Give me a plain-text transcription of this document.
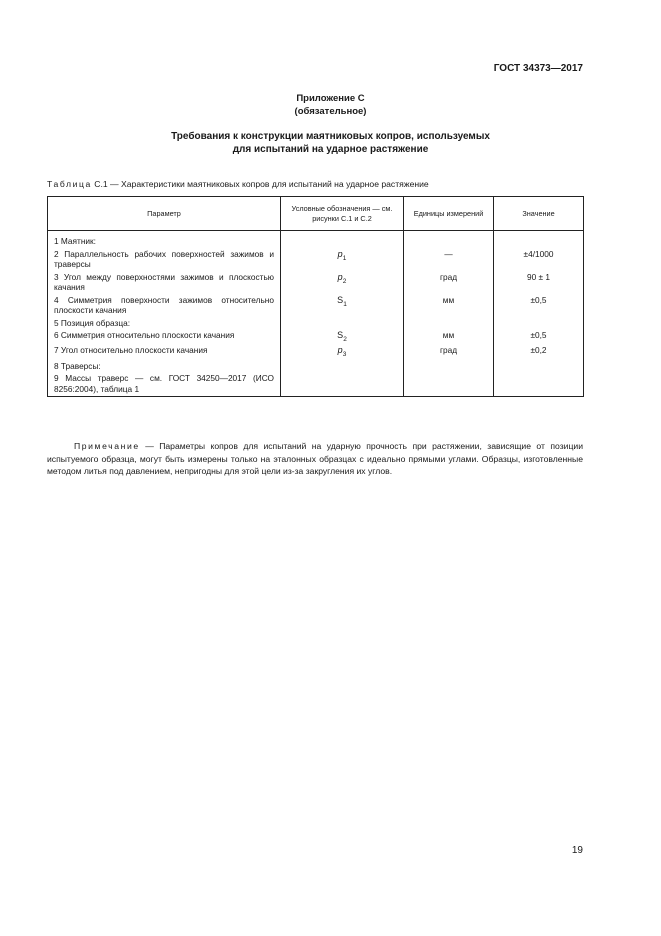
ГОСТ 34373—2017
Приложение С
(обязательное)
Требования к конструкции маятниковых копров, используемых
для испытаний на ударное растяжение
Таблица С.1 — Характеристики маятниковых копров для испытаний на ударное растяжение
Параметр	Условные обозначения — см. рисунки С.1 и С.2	Единицы измерений	Значение
1 Маятник:			
2 Параллельность рабочих поверхностей зажимов и траверсы	$p_1$	—	±4/1000
3 Угол между поверхностями зажимов и плоскостью качания	$p_2$	град	90 ± 1
4 Симметрия поверхности зажимов относительно плоскости качания	$S_1$	мм	±0,5
5 Позиция образца:			
6 Симметрия относительно плоскости качания	$S_2$	мм	±0,5
7 Угол относительно плоскости качания	$p_3$	град	±0,2
8 Траверсы:			
9 Массы траверс — см. ГОСТ 34250—2017 (ИСО 8256:2004), таблица 1			
Примечание — Параметры копров для испытаний на ударную прочность при растяжении, зависящие от позиции испытуемого образца, могут быть измерены только на эталонных образцах с идеально прямыми углами. Образцы, изготовленные методом литья под давлением, непригодны для этой цели из-за закругления их углов.
19
